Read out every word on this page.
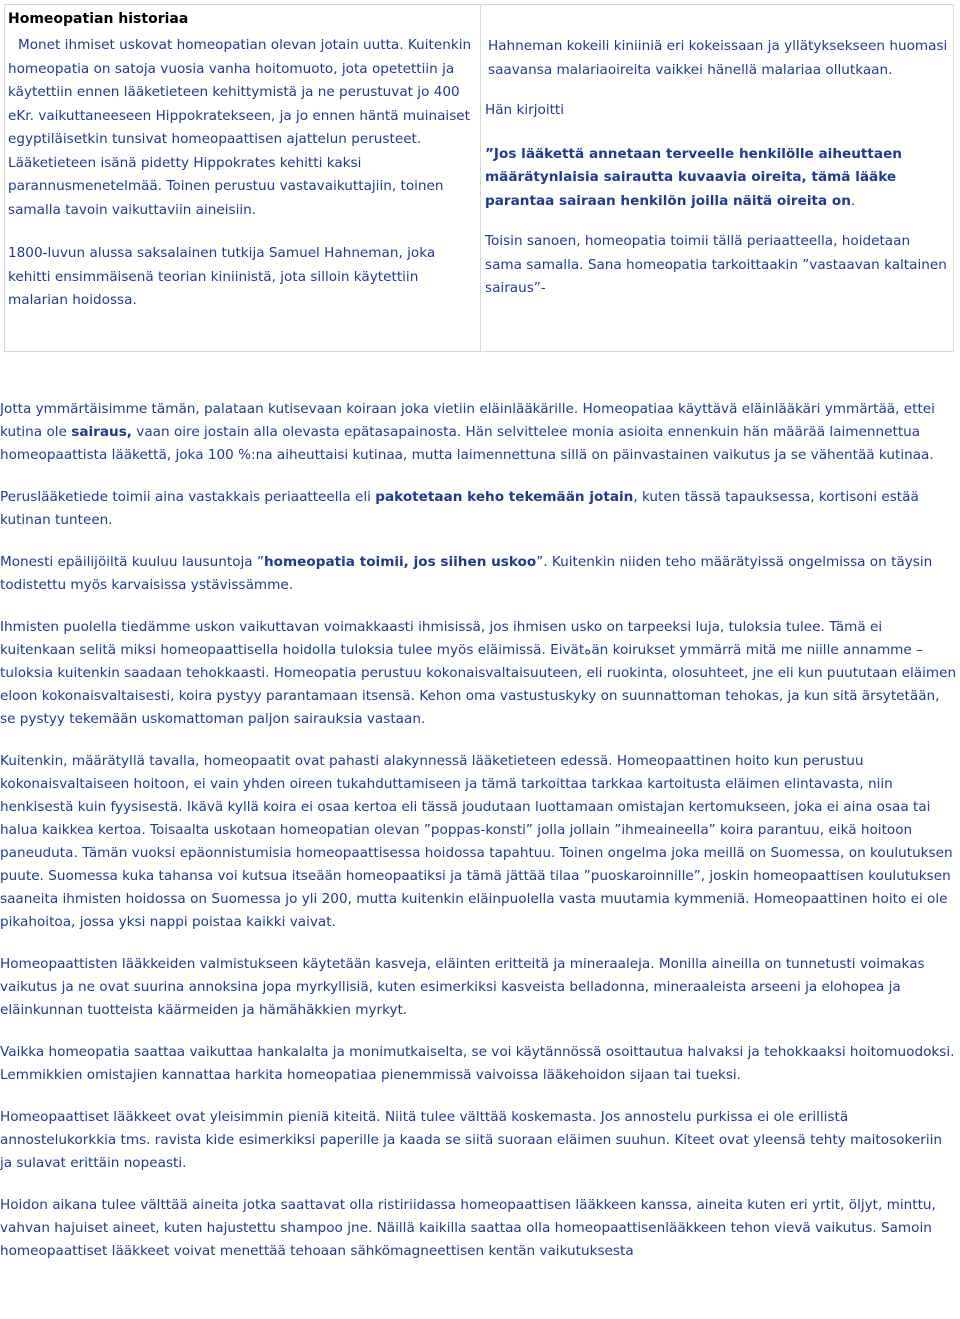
Homeopatian historiaa

Monet ihmiset uskovat homeopatian olevan jotain uutta. Kuitenkin homeopatia on satoja vuosia vanha hoitomuoto, jota opetettiin ja käytettiin ennen lääketieteen kehittymistä ja ne perustuvat jo 400 eKr. vaikuttaneeseen Hippokratekseen, ja jo ennen häntä muinaiset egyptiläisetkin tunsivat homeopaattisen ajattelun perusteet. Lääketieteen isänä pidetty Hippokrates kehitti kaksi parannusmenetelmää. Toinen perustuu vastavaikuttajiin, toinen samalla tavoin vaikuttaviin aineisiin.

1800-luvun alussa saksalainen tutkija Samuel Hahneman, joka kehitti ensimmäisenä teorian kiniinistä, jota silloin käytettiin malarian hoidossa.

Hahneman kokeili kiniiniä eri kokeissaan ja yllätyksekseen huomasi saavansa malariaoireita vaikkei hänellä malariaa ollutkaan.

Hän kirjoitti

”Jos lääkettä annetaan terveelle henkilölle aiheuttaen määrätynlaisia sairautta kuvaavia oireita, tämä lääke parantaa sairaan henkilön joilla näitä oireita on.

Toisin sanoen, homeopatia toimii tällä periaatteella, hoidetaan sama samalla. Sana homeopatia tarkoittaakin ”vastaavan kaltainen sairaus”-

Jotta ymmärtäisimme tämän, palataan kutisevaan koiraan joka vietiin eläinlääkärille. Homeopatiaa käyttävä eläinlääkäri ymmärtää, ettei kutina ole sairaus, vaan oire jostain alla olevasta epätasapainosta. Hän selvittelee monia asioita ennenkuin hän määrää laimennettua homeopaattista lääkettä, joka 100 %:na aiheuttaisi kutinaa, mutta laimennettuna sillä on päinvastainen vaikutus ja se vähentää kutinaa.

Peruslääketiede toimii aina vastakkais periaatteella eli pakotetaan keho tekemään jotain, kuten tässä tapauksessa, kortisoni estää kutinan tunteen.

Monesti epäilijöiltä kuuluu lausuntoja ”homeopatia toimii, jos siihen uskoo”. Kuitenkin niiden teho määrätyissä ongelmissa on täysin todistettu myös karvaisissa ystävissämme.

Ihmisten puolella tiedämme uskon vaikuttavan voimakkaasti ihmisissä, jos ihmisen usko on tarpeeksi luja, tuloksia tulee. Tämä ei kuitenkaan selitä miksi homeopaattisella hoidolla tuloksia tulee myös eläimissä. Eivätهän koirukset ymmärrä mitä me niille annamme – tuloksia kuitenkin saadaan tehokkaasti. Homeopatia perustuu kokonaisvaltaisuuteen, eli ruokinta, olosuhteet, jne eli kun puututaan eläimen eloon kokonaisvaltaisesti, koira pystyy parantamaan itsensä. Kehon oma vastustuskyky on suunnattoman tehokas, ja kun sitä ärsytetään, se pystyy tekemään uskomattoman paljon sairauksia vastaan.

Kuitenkin, määrätyllä tavalla, homeopaatit ovat pahasti alakynnessä lääketieteen edessä. Homeopaattinen hoito kun perustuu kokonaisvaltaiseen hoitoon, ei vain yhden oireen tukahduttamiseen ja tämä tarkoittaa tarkkaa kartoitusta eläimen elintavasta, niin henkisestä kuin fyysisestä. Ikävä kyllä koira ei osaa kertoa eli tässä joudutaan luottamaan omistajan kertomukseen, joka ei aina osaa tai halua kaikkea kertoa. Toisaalta uskotaan homeopatian olevan ”poppas-konsti” jolla jollain ”ihmeaineella” koira parantuu, eikä hoitoon paneuduta. Tämän vuoksi epäonnistumisia homeopaattisessa hoidossa tapahtuu. Toinen ongelma joka meillä on Suomessa, on koulutuksen puute. Suomessa kuka tahansa voi kutsua itseään homeopaatiksi ja tämä jättää tilaa ”puoskaroinnille”, joskin homeopaattisen koulutuksen saaneita ihmisten hoidossa on Suomessa jo yli 200, mutta kuitenkin eläinpuolella vasta muutamia kymmeniä. Homeopaattinen hoito ei ole pikahoitoa, jossa yksi nappi poistaa kaikki vaivat.

Homeopaattisten lääkkeiden valmistukseen käytetään kasveja, eläinten eritteitä ja mineraaleja. Monilla aineilla on tunnetusti voimakas vaikutus ja ne ovat suurina annoksina jopa myrkyllisiä, kuten esimerkiksi kasveista belladonna, mineraaleista arseeni ja elohopea ja eläinkunnan tuotteista käärmeiden ja hämähäkkien myrkyt.

Vaikka homeopatia saattaa vaikuttaa hankalalta ja monimutkaiselta, se voi käytännössä osoittautua halvaksi ja tehokkaaksi hoitomuodoksi. Lemmikkien omistajien kannattaa harkita homeopatiaa pienemmissä vaivoissa lääkehoidon sijaan tai tueksi.

Homeopaattiset lääkkeet ovat yleisimmin pieniä kiteitä. Niitä tulee välttää koskemasta. Jos annostelu purkissa ei ole erillistä annostelukorkkia tms. ravista kide esimerkiksi paperille ja kaada se siitä suoraan eläimen suuhun. Kiteet ovat yleensä tehty maitosokeriin ja sulavat erittäin nopeasti.

Hoidon aikana tulee välttää aineita jotka saattavat olla ristiriidassa homeopaattisen lääkkeen kanssa, aineita kuten eri yrtit, öljyt, minttu, vahvan hajuiset aineet, kuten hajustettu shampoo jne. Näillä kaikilla saattaa olla homeopaattisenlääkkeen tehon vievä vaikutus. Samoin homeopaattiset lääkkeet voivat menettää tehoaan sähkömagneettisen kentän vaikutuksesta
